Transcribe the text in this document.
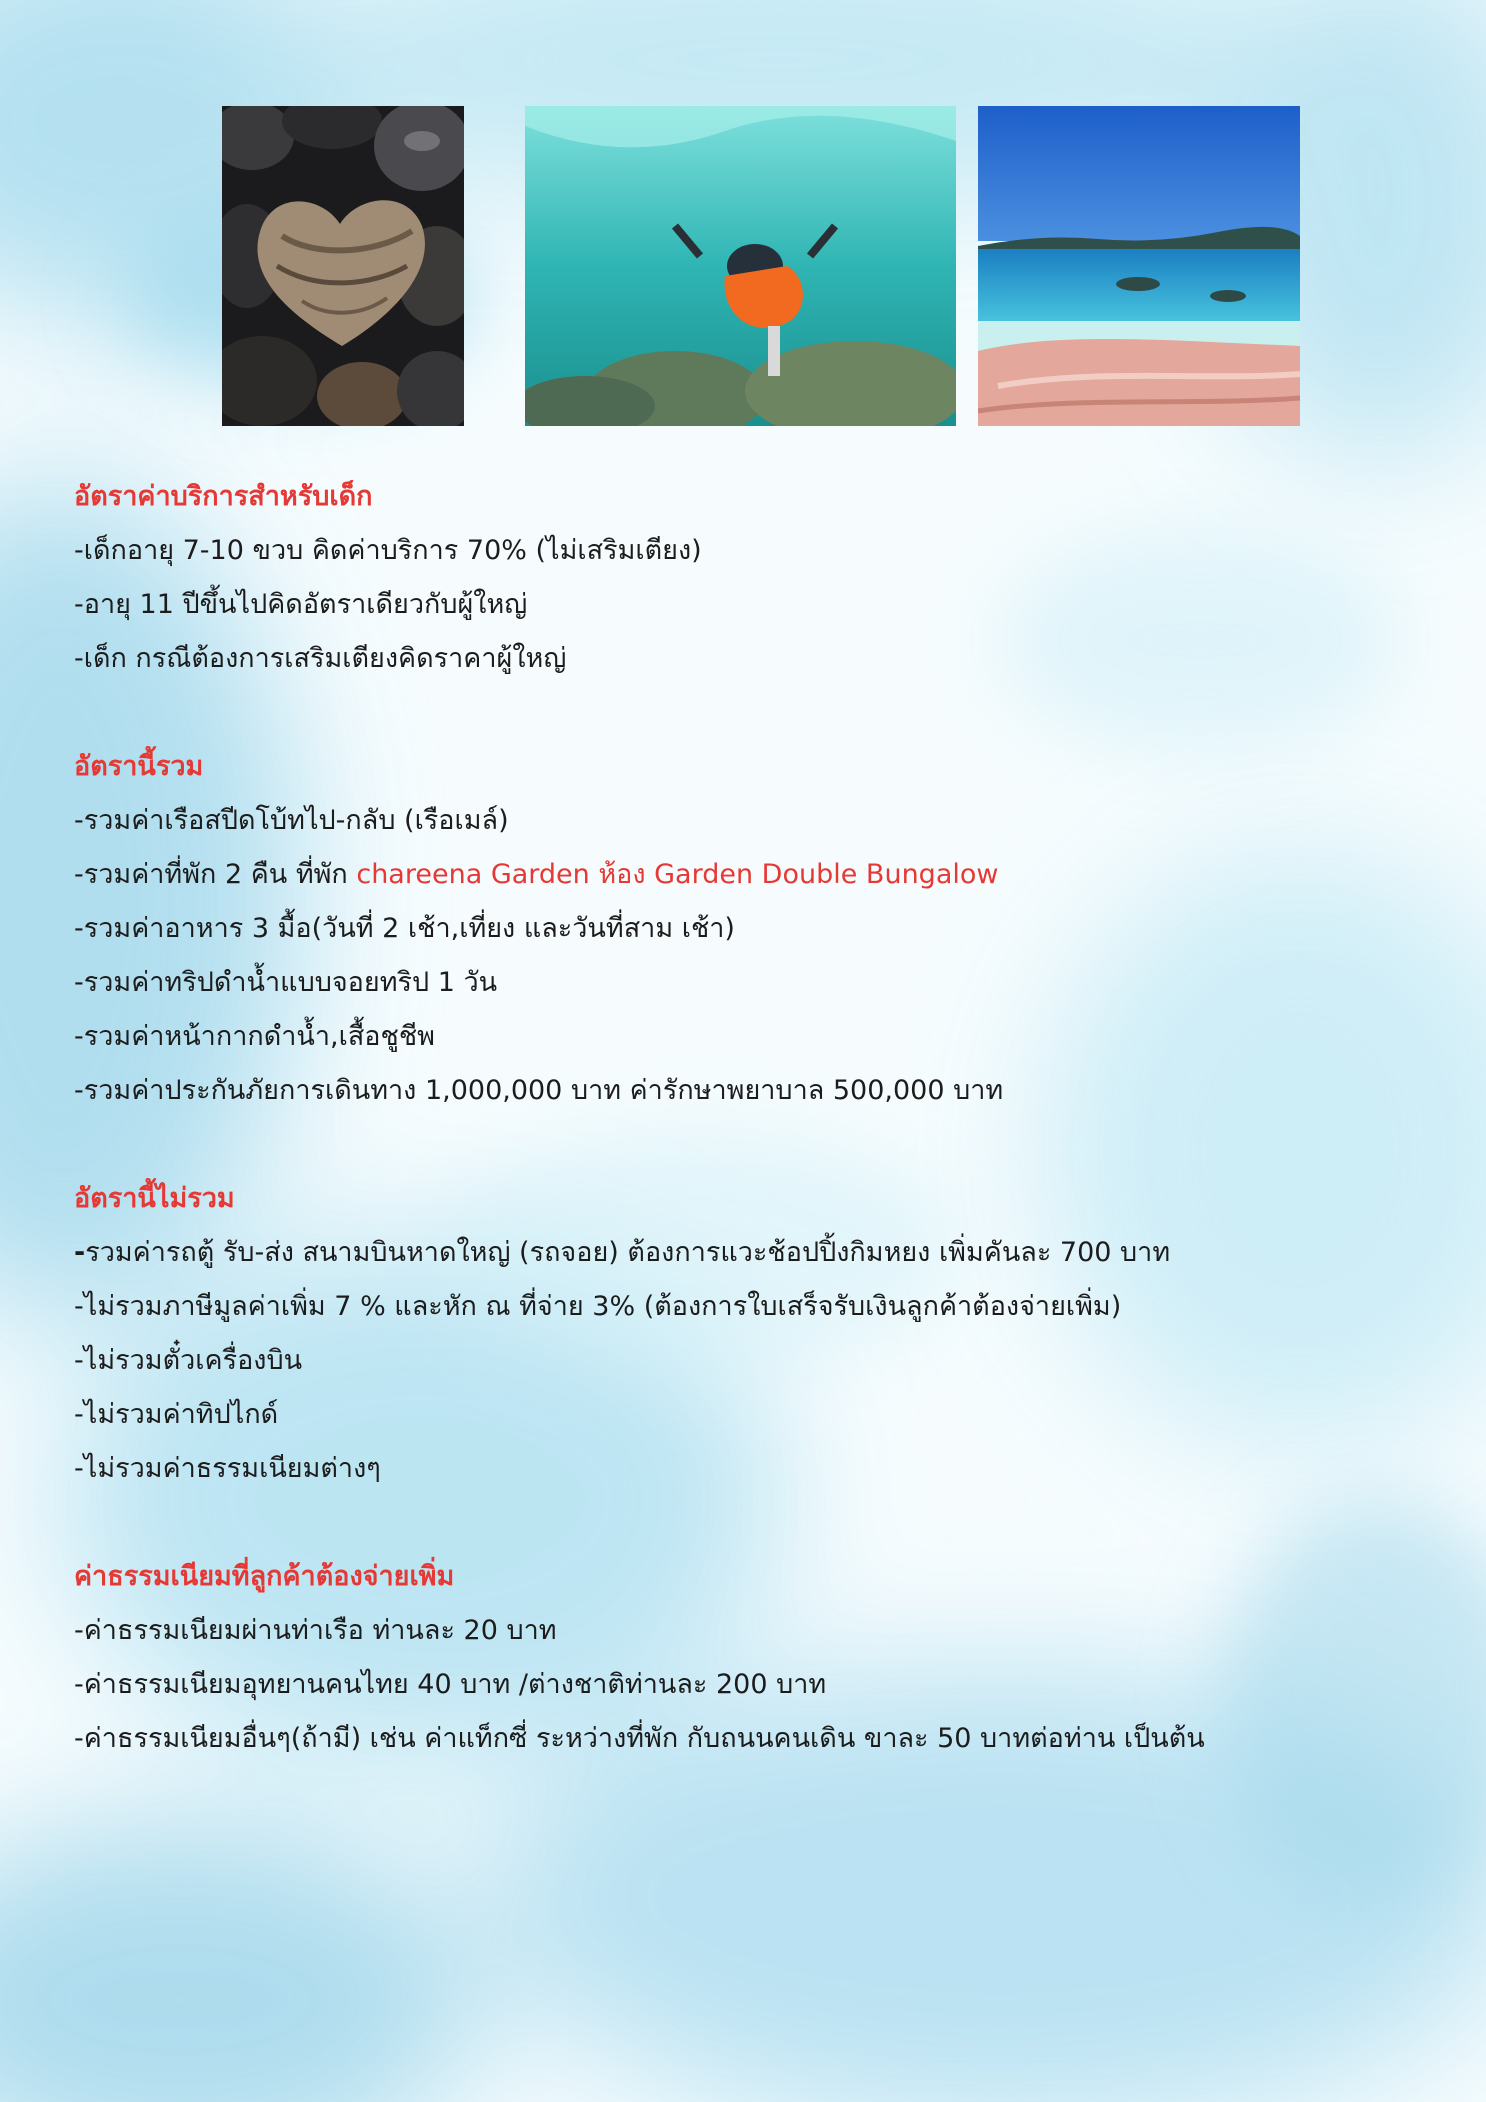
อัตราค่าบริการสำหรับเด็ก
-เด็กอายุ 7-10 ขวบ คิดค่าบริการ 70% (ไม่เสริมเตียง)
-อายุ 11 ปีขึ้นไปคิดอัตราเดียวกับผู้ใหญ่
-เด็ก กรณีต้องการเสริมเตียงคิดราคาผู้ใหญ่
อัตรานี้รวม
-รวมค่าเรือสปีดโบ้ทไป-กลับ (เรือเมล์)
-รวมค่าที่พัก 2 คืน ที่พัก chareena Garden ห้อง Garden Double Bungalow
-รวมค่าอาหาร 3 มื้อ(วันที่ 2 เช้า,เที่ยง และวันที่สาม เช้า)
-รวมค่าทริปดำน้ำแบบจอยทริป 1 วัน
-รวมค่าหน้ากากดำน้ำ,เสื้อชูชีพ
-รวมค่าประกันภัยการเดินทาง 1,000,000 บาท ค่ารักษาพยาบาล 500,000 บาท
อัตรานี้ไม่รวม
-รวมค่ารถตู้ รับ-ส่ง สนามบินหาดใหญ่ (รถจอย) ต้องการแวะช้อปปิ้งกิมหยง เพิ่มคันละ 700 บาท
-ไม่รวมภาษีมูลค่าเพิ่ม 7 % และหัก ณ ที่จ่าย 3% (ต้องการใบเสร็จรับเงินลูกค้าต้องจ่ายเพิ่ม)
-ไม่รวมตั๋วเครื่องบิน
-ไม่รวมค่าทิปไกด์
-ไม่รวมค่าธรรมเนียมต่างๆ
ค่าธรรมเนียมที่ลูกค้าต้องจ่ายเพิ่ม
-ค่าธรรมเนียมผ่านท่าเรือ ท่านละ 20 บาท
-ค่าธรรมเนียมอุทยานคนไทย 40 บาท /ต่างชาติท่านละ 200 บาท
-ค่าธรรมเนียมอื่นๆ(ถ้ามี) เช่น ค่าแท็กซี่ ระหว่างที่พัก กับถนนคนเดิน ขาละ 50 บาทต่อท่าน เป็นต้น
